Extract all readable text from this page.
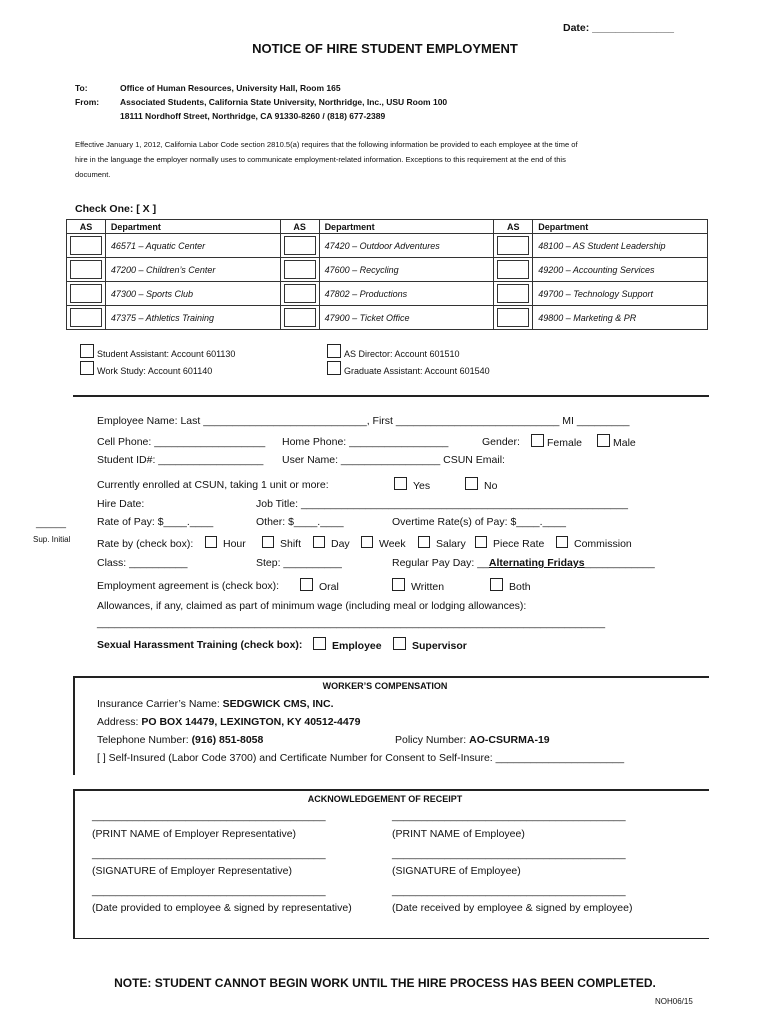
Date: ______________
NOTICE OF HIRE STUDENT EMPLOYMENT
To:	Office of Human Resources, University Hall, Room 165
From: Associated Students, California State University, Northridge, Inc., USU Room 100
18111 Nordhoff Street, Northridge, CA 91330-8260 / (818) 677-2389
Effective January 1, 2012, California Labor Code section 2810.5(a) requires that the following information be provided to each employee at the time of
hire in the language the employer normally uses to communicate employment-related information. Exceptions to this requirement at the end of this
document.
Check One: [ X ]
AS	Department	AS	Department	AS	Department

	46571 – Aquatic Center		47420 – Outdoor Adventures		48100 – AS Student Leadership

	47200 – Children’s Center		47600 – Recycling		49200 – Accounting Services

	47300 – Sports Club		47802 – Productions		49700 – Technology Support

	47375 – Athletics Training		47900 – Ticket Office		49800 – Marketing & PR
Student Assistant: Account 601130
Work Study: Account 601140
AS Director: Account 601510
Graduate Assistant: Account 601540
Employee Name: Last ____________________________, First ____________________________ MI _________
Cell Phone: ___________________ Home Phone: _________________	Gender:	Female	Male
Student ID#: __________________ User Name: _________________ CSUN Email:
Currently enrolled at CSUN, taking 1 unit or more:	Yes	No
Hire Date:	Job Title: ________________________________________________________
______
Sup. Initial
Rate of Pay: $____.____	Other: $____.____	Overtime Rate(s) of Pay: $____.____
Rate by (check box):	Hour	Shift	Day	Week	Salary	Piece Rate	Commission
Class: __________	Step: __________	Regular Pay Day: __Alternating Fridays____________
Employment agreement is (check box):	Oral	Written	Both
Allowances, if any, claimed as part of minimum wage (including meal or lodging allowances):
_______________________________________________________________________________________
Sexual Harassment Training (check box):	Employee	Supervisor
WORKER’S COMPENSATION
Insurance Carrier’s Name: SEDGWICK CMS, INC.
Address: PO BOX 14479, LEXINGTON, KY 40512-4479
Telephone Number: (916) 851-8058	Policy Number: AO-CSURMA-19
[ ] Self-Insured (Labor Code 3700) and Certificate Number for Consent to Self-Insure: ______________________
ACKNOWLEDGEMENT OF RECEIPT
________________________________________
(PRINT NAME of Employer Representative)
________________________________________
(SIGNATURE of Employer Representative)
________________________________________
(Date provided to employee & signed by representative)
________________________________________
(PRINT NAME of Employee)
________________________________________
(SIGNATURE of Employee)
________________________________________
(Date received by employee & signed by employee)
NOTE: STUDENT CANNOT BEGIN WORK UNTIL THE HIRE PROCESS HAS BEEN COMPLETED.
NOH06/15
